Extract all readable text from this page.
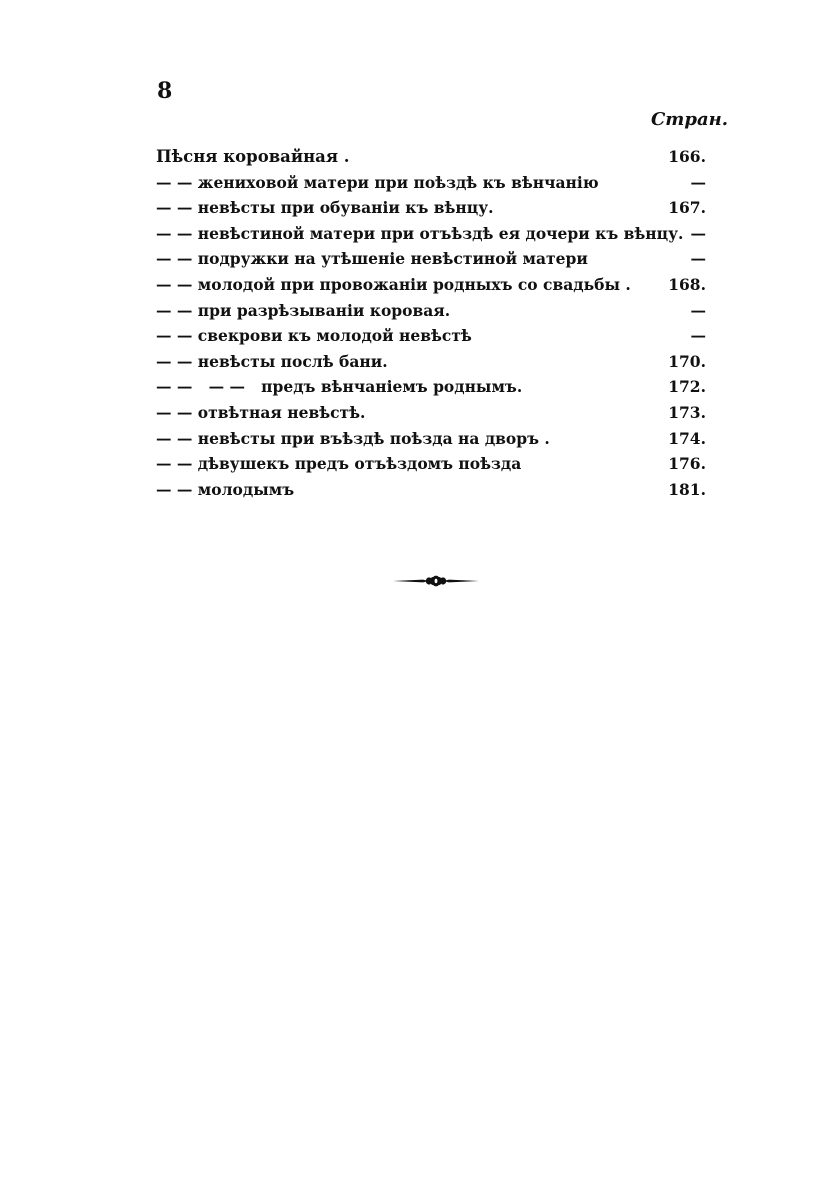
8
Стран.
Пѣсня коровайная .	166.
— — жениховой матери при поѣздѣ къ вѣнчанію	—
— — невѣсты при обуваніи къ вѣнцу.	167.
— — невѣстиной матери при отъѣздѣ ея дочери къ вѣнцу. —
— — подружки на утѣшеніе невѣстиной матери	—
— — молодой при провожаніи родныхъ со свадьбы . 168.
— — при разрѣзываніи коровая.	—
— — свекрови къ молодой невѣстѣ	—
— — невѣсты послѣ бани.	170.
— —   — —   предъ вѣнчаніемъ роднымъ.	172.
— — отвѣтная невѣстѣ.	173.
— — невѣсты при въѣздѣ поѣзда на дворъ .	174.
— — дѣвушекъ предъ отъѣздомъ поѣзда	176.
— — молодымъ	181.
